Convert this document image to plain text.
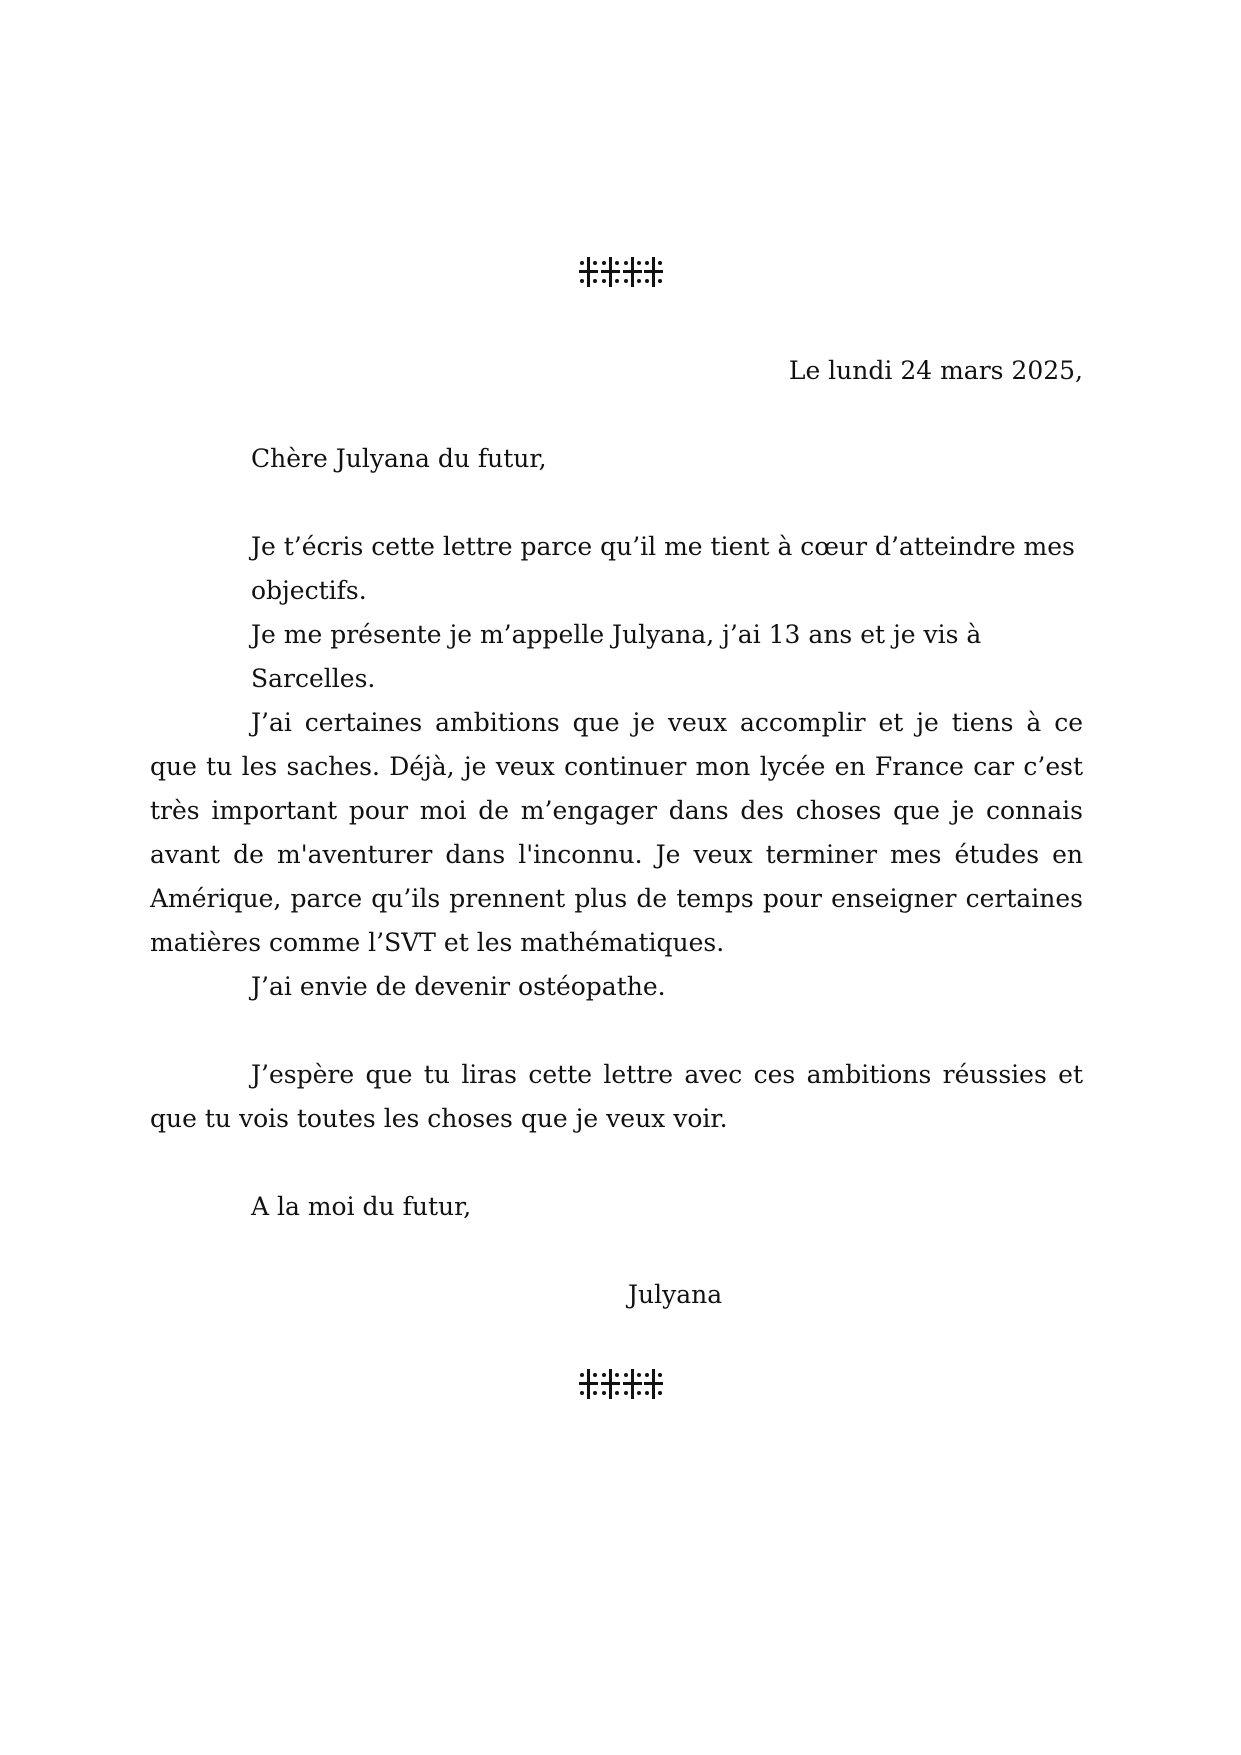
Le lundi 24 mars 2025,

Chère Julyana du futur,

Je t’écris cette lettre parce qu’il me tient à cœur d’atteindre mes objectifs.

Je me présente je m’appelle Julyana, j’ai 13 ans et je vis à Sarcelles.

J’ai certaines ambitions que je veux accomplir et je tiens à ce que tu les saches. Déjà, je veux continuer mon lycée en France car c’est très important pour moi de m’engager dans des choses que je connais avant de m'aventurer dans l'inconnu. Je veux terminer mes études en Amérique, parce qu’ils prennent plus de temps pour enseigner certaines matières comme l’SVT et les mathématiques.

J’ai envie de devenir ostéopathe.

J’espère que tu liras cette lettre avec ces ambitions réussies et que tu vois toutes les choses que je veux voir.

A la moi du futur,

Julyana
